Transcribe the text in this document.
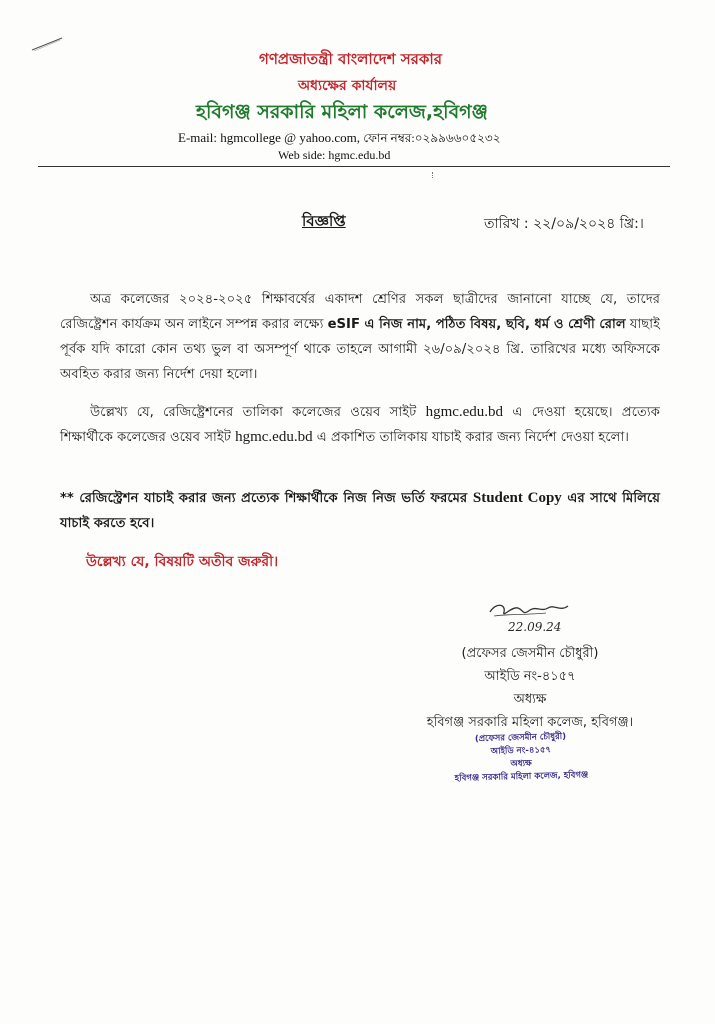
গণপ্রজাতন্ত্রী বাংলাদেশ সরকার
অধ্যক্ষের কার্যালয়
হবিগঞ্জ সরকারি মহিলা কলেজ,হবিগঞ্জ
E-mail: hgmcollege @ yahoo.com, ফোন নম্বর:০২৯৯৬৬০৫২৩২
Web side: hgmc.edu.bd
বিজ্ঞপ্তি	তারিখ : ২২/০৯/২০২৪ খ্রি:।
অত্র কলেজের ২০২৪-২০২৫ শিক্ষাবর্ষের একাদশ শ্রেণির সকল ছাত্রীদের জানানো যাচ্ছে যে, তাদের রেজিষ্ট্রেশন কার্যক্রম অন লাইনে সম্পন্ন করার লক্ষ্যে eSIF এ নিজ নাম, পঠিত বিষয়, ছবি, ধর্ম ও শ্রেণী রোল যাছাই পূর্বক যদি কারো কোন তথ্য ভুল বা অসম্পূর্ণ থাকে তাহলে আগামী ২৬/০৯/২০২৪ খ্রি. তারিখের মধ্যে অফিসকে অবহিত করার জন্য নির্দেশ দেয়া হলো।
উল্লেখ্য যে, রেজিষ্ট্রেশনের তালিকা কলেজের ওয়েব সাইট hgmc.edu.bd এ দেওয়া হয়েছে। প্রত্যেক শিক্ষার্থীকে কলেজের ওয়েব সাইট hgmc.edu.bd এ প্রকাশিত তালিকায় যাচাই করার জন্য নির্দেশ দেওয়া হলো।
** রেজিস্ট্রেশন যাচাই করার জন্য প্রত্যেক শিক্ষার্থীকে নিজ নিজ ভর্তি ফরমের Student Copy এর সাথে মিলিয়ে যাচাই করতে হবে।
উল্লেখ্য যে, বিষয়টি অতীব জরুরী।
22.09.24
(প্রফেসর জেসমীন চৌধুরী)
আইডি নং-৪১৫৭
অধ্যক্ষ
হবিগঞ্জ সরকারি মহিলা কলেজ, হবিগঞ্জ।
(প্রফেসর জেসমীন চৌধুরী)
আইডি নং-৪১৫৭
অধ্যক্ষ
হবিগঞ্জ সরকারি মহিলা কলেজ, হবিগঞ্জ
